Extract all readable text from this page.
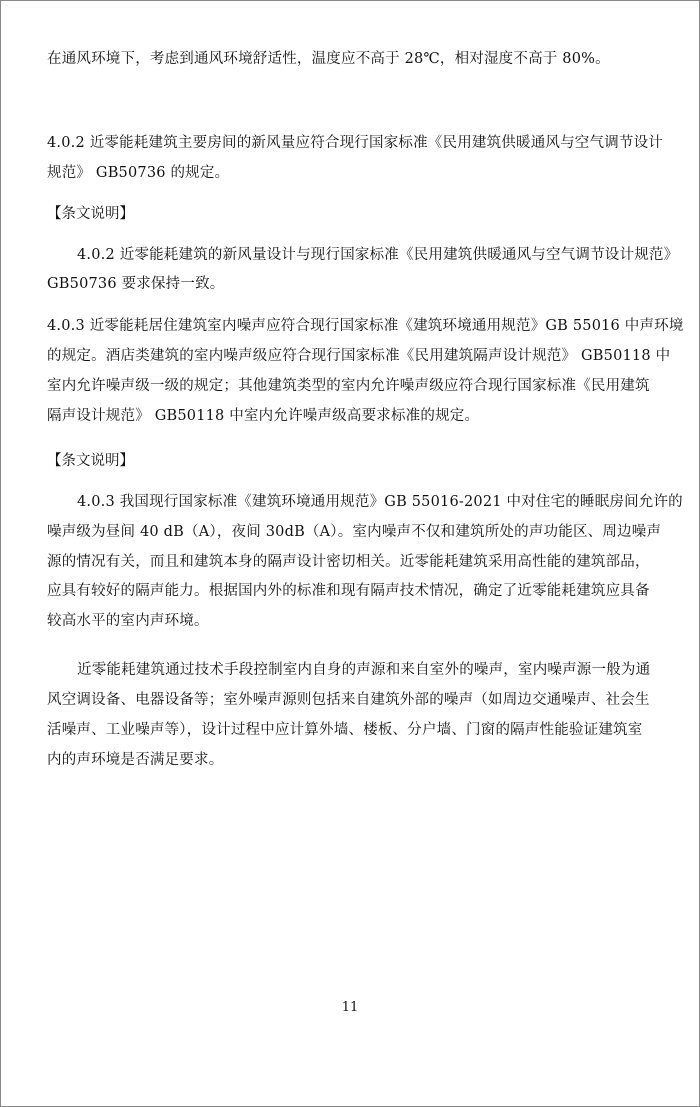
在通风环境下，考虑到通风环境舒适性，温度应不高于 28℃，相对湿度不高于 80%。
4.0.2 近零能耗建筑主要房间的新风量应符合现行国家标准《民用建筑供暖通风与空气调节设计
规范》 GB50736 的规定。
【条文说明】
4.0.2 近零能耗建筑的新风量设计与现行国家标准《民用建筑供暖通风与空气调节设计规范》
GB50736 要求保持一致。
4.0.3 近零能耗居住建筑室内噪声应符合现行国家标准《建筑环境通用规范》GB 55016 中声环境
的规定。酒店类建筑的室内噪声级应符合现行国家标准《民用建筑隔声设计规范》 GB50118 中
室内允许噪声级一级的规定；其他建筑类型的室内允许噪声级应符合现行国家标准《民用建筑
隔声设计规范》 GB50118 中室内允许噪声级高要求标准的规定。
【条文说明】
4.0.3 我国现行国家标准《建筑环境通用规范》GB 55016-2021 中对住宅的睡眠房间允许的
噪声级为昼间 40 dB（A），夜间 30dB（A）。室内噪声不仅和建筑所处的声功能区、周边噪声
源的情况有关，而且和建筑本身的隔声设计密切相关。近零能耗建筑采用高性能的建筑部品，
应具有较好的隔声能力。根据国内外的标准和现有隔声技术情况，确定了近零能耗建筑应具备
较高水平的室内声环境。
近零能耗建筑通过技术手段控制室内自身的声源和来自室外的噪声，室内噪声源一般为通
风空调设备、电器设备等；室外噪声源则包括来自建筑外部的噪声（如周边交通噪声、社会生
活噪声、工业噪声等），设计过程中应计算外墙、楼板、分户墙、门窗的隔声性能验证建筑室
内的声环境是否满足要求。
11
